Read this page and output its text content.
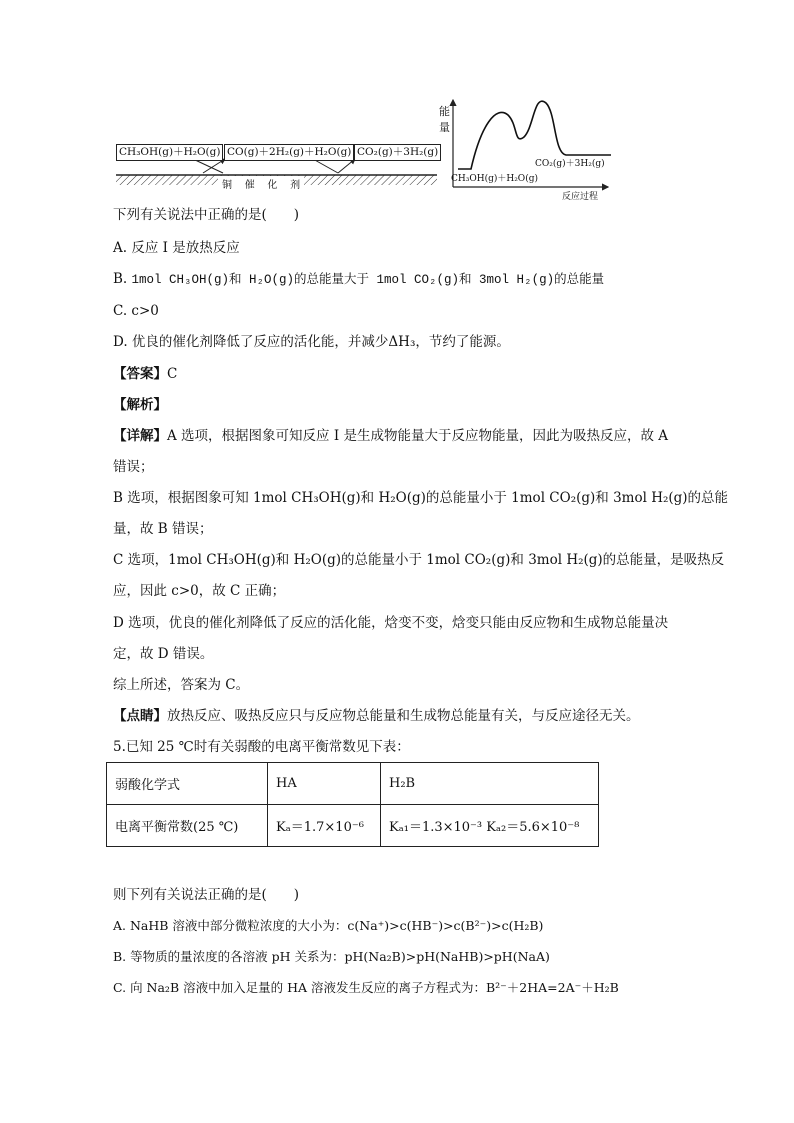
CH₃OH(g)＋H₂O(g) CO(g)＋2H₂(g)＋H₂O(g) CO₂(g)＋3H₂(g)
铜    催    化    剂
能
量
CO₂(g)＋3H₂(g)
CH₃OH(g)＋H₂O(g)
反应过程
下列有关说法中正确的是(　　)
A. 反应 I 是放热反应
B. 1mol CH₃OH(g)和 H₂O(g)的总能量大于 1mol CO₂(g)和 3mol H₂(g)的总能量
C. c>0
D. 优良的催化剂降低了反应的活化能，并减少ΔH₃，节约了能源。
【答案】C
【解析】
【详解】A 选项，根据图象可知反应 I 是生成物能量大于反应物能量，因此为吸热反应，故 A
错误；
B 选项，根据图象可知 1mol CH₃OH(g)和 H₂O(g)的总能量小于 1mol CO₂(g)和 3mol H₂(g)的总能
量，故 B 错误；
C 选项，1mol CH₃OH(g)和 H₂O(g)的总能量小于 1mol CO₂(g)和 3mol H₂(g)的总能量，是吸热反
应，因此 c>0，故 C 正确；
D 选项，优良的催化剂降低了反应的活化能，焓变不变，焓变只能由反应物和生成物总能量决
定，故 D 错误。
综上所述，答案为 C。
【点睛】放热反应、吸热反应只与反应物总能量和生成物总能量有关，与反应途径无关。
5.已知 25 ℃时有关弱酸的电离平衡常数见下表：
弱酸化学式	HA	H₂B
电离平衡常数(25 ℃)	Kₐ＝1.7×10⁻⁶	Kₐ₁＝1.3×10⁻³ Kₐ₂＝5.6×10⁻⁸
则下列有关说法正确的是(　　)
A. NaHB 溶液中部分微粒浓度的大小为：c(Na⁺)>c(HB⁻)>c(B²⁻)>c(H₂B)
B. 等物质的量浓度的各溶液 pH 关系为：pH(Na₂B)>pH(NaHB)>pH(NaA)
C. 向 Na₂B 溶液中加入足量的 HA 溶液发生反应的离子方程式为：B²⁻＋2HA=2A⁻＋H₂B
